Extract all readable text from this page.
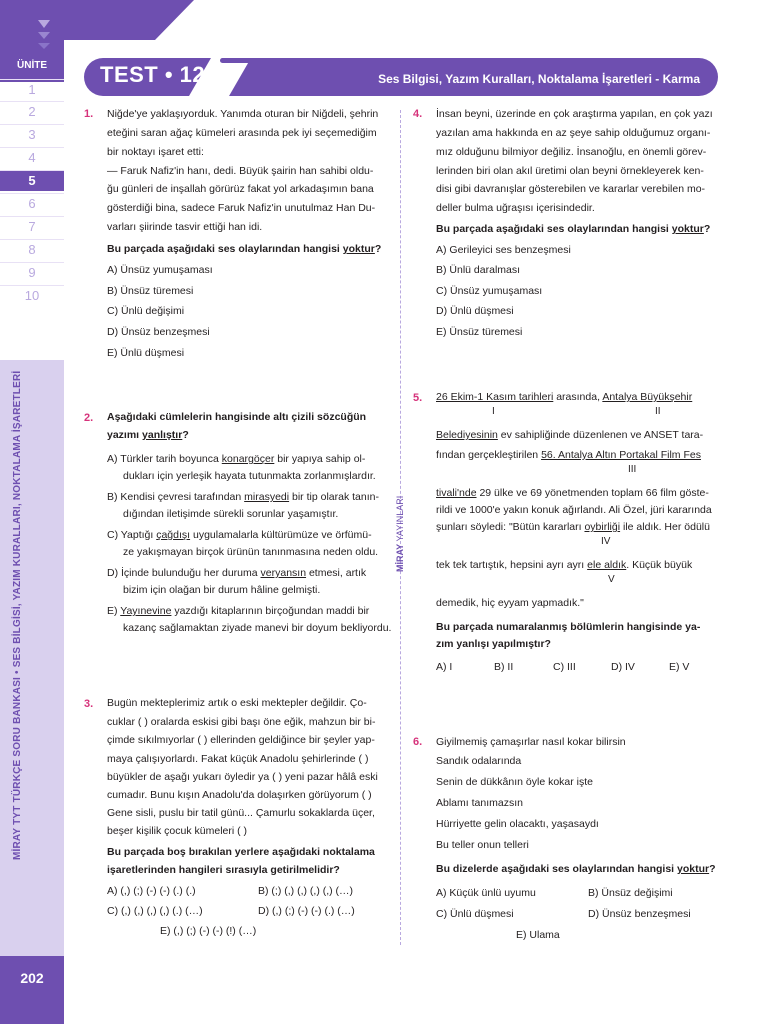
ÜNİTE
1
2
3
4
5
6
7
8
9
10
MİRAY TYT TÜRKÇE SORU BANKASI • SES BİLGİSİ, YAZIM KURALLARI, NOKTALAMA İŞARETLERİ
202
TEST • 12	Ses Bilgisi, Yazım Kuralları, Noktalama İşaretleri - Karma
MİRAY YAYINLARI
1. Niğde'ye yaklaşıyorduk. Yanımda oturan bir Niğdeli, şehrin
eteğini saran ağaç kümeleri arasında pek iyi seçemediğim
bir noktayı işaret etti:
— Faruk Nafiz'in hanı, dedi. Büyük şairin han sahibi oldu-
ğu günleri de inşallah görürüz fakat yol arkadaşımın bana
gösterdiği bina, sadece Faruk Nafiz'in unutulmaz Han Du-
varları şiirinde tasvir ettiği han idi.
Bu parçada aşağıdaki ses olaylarından hangisi yoktur?
A) Ünsüz yumuşaması
B) Ünsüz türemesi
C) Ünlü değişimi
D) Ünsüz benzeşmesi
E) Ünlü düşmesi
2. Aşağıdaki cümlelerin hangisinde altı çizili sözcüğün
yazımı yanlıştır?
A) Türkler tarih boyunca konargöçer bir yapıya sahip ol-
dukları için yerleşik hayata tutunmakta zorlanmışlardır.
B) Kendisi çevresi tarafından mirasyedi bir tip olarak tanın-
dığından iletişimde sürekli sorunlar yaşamıştır.
C) Yaptığı çağdışı uygulamalarla kültürümüze ve örfümü-
ze yakışmayan birçok ürünün tanınmasına neden oldu.
D) İçinde bulunduğu her duruma veryansın etmesi, artık
bizim için olağan bir durum hâline gelmişti.
E) Yayınevine yazdığı kitaplarının birçoğundan maddi bir
kazanç sağlamaktan ziyade manevi bir doyum bekliyordu.
3. Bugün mekteplerimiz artık o eski mektepler değildir. Ço-
cuklar ( ) oralarda eskisi gibi başı öne eğik, mahzun bir bi-
çimde sıkılmıyorlar ( ) ellerinden geldiğince bir şeyler yap-
maya çalışıyorlardı. Fakat küçük Anadolu şehirlerinde ( )
büyükler de aşağı yukarı öyledir ya ( ) yeni pazar hâlâ eski
cumadır. Bunu kışın Anadolu'da dolaşırken görüyorum ( )
Gene sisli, puslu bir tatil günü... Çamurlu sokaklarda üçer,
beşer kişilik çocuk kümeleri ( )
Bu parçada boş bırakılan yerlere aşağıdaki noktalama
işaretlerinden hangileri sırasıyla getirilmelidir?
A) (,) (;) (-) (-) (.) (.)	B) (;) (,) (,) (,) (,) (…)
C) (,) (,) (,) (,) (.) (…)	D) (,) (;) (-) (-) (.) (…)
E) (,) (;) (-) (-) (!) (…)
4. İnsan beyni, üzerinde en çok araştırma yapılan, en çok yazı
yazılan ama hakkında en az şeye sahip olduğumuz organı-
mız olduğunu bilmiyor değiliz. İnsanoğlu, en önemli görev-
lerinden biri olan akıl üretimi olan beyni örnekleyerek ken-
disi gibi davranışlar gösterebilen ve kararlar verebilen mo-
deller bulma uğraşısı içerisindedir.
Bu parçada aşağıdaki ses olaylarından hangisi yoktur?
A) Gerileyici ses benzeşmesi
B) Ünlü daralması
C) Ünsüz yumuşaması
D) Ünlü düşmesi
E) Ünsüz türemesi
5. 26 Ekim-1 Kasım tarihleri arasında, Antalya Büyükşehir
I	II
Belediyesinin ev sahipliğinde düzenlenen ve ANSET tara-
fından gerçekleştirilen 56. Antalya Altın Portakal Film Fes
III
tivali'nde 29 ülke ve 69 yönetmenden toplam 66 film göste-
rildi ve 1000'e yakın konuk ağırlandı. Ali Özel, jüri kararında
şunları söyledi: "Bütün kararları oybirliği ile aldık. Her ödülü
IV
tek tek tartıştık, hepsini ayrı ayrı ele aldık. Küçük büyük
V
demedik, hiç eyyam yapmadık."
Bu parçada numaralanmış bölümlerin hangisinde ya-
zım yanlışı yapılmıştır?
A) I	B) II	C) III	D) IV	E) V
6. Giyilmemiş çamaşırlar nasıl kokar bilirsin
Sandık odalarında
Senin de dükkânın öyle kokar işte
Ablamı tanımazsın
Hürriyette gelin olacaktı, yaşasaydı
Bu teller onun telleri
Bu dizelerde aşağıdaki ses olaylarından hangisi yoktur?
A) Küçük ünlü uyumu	B) Ünsüz değişimi
C) Ünlü düşmesi	D) Ünsüz benzeşmesi
E) Ulama
